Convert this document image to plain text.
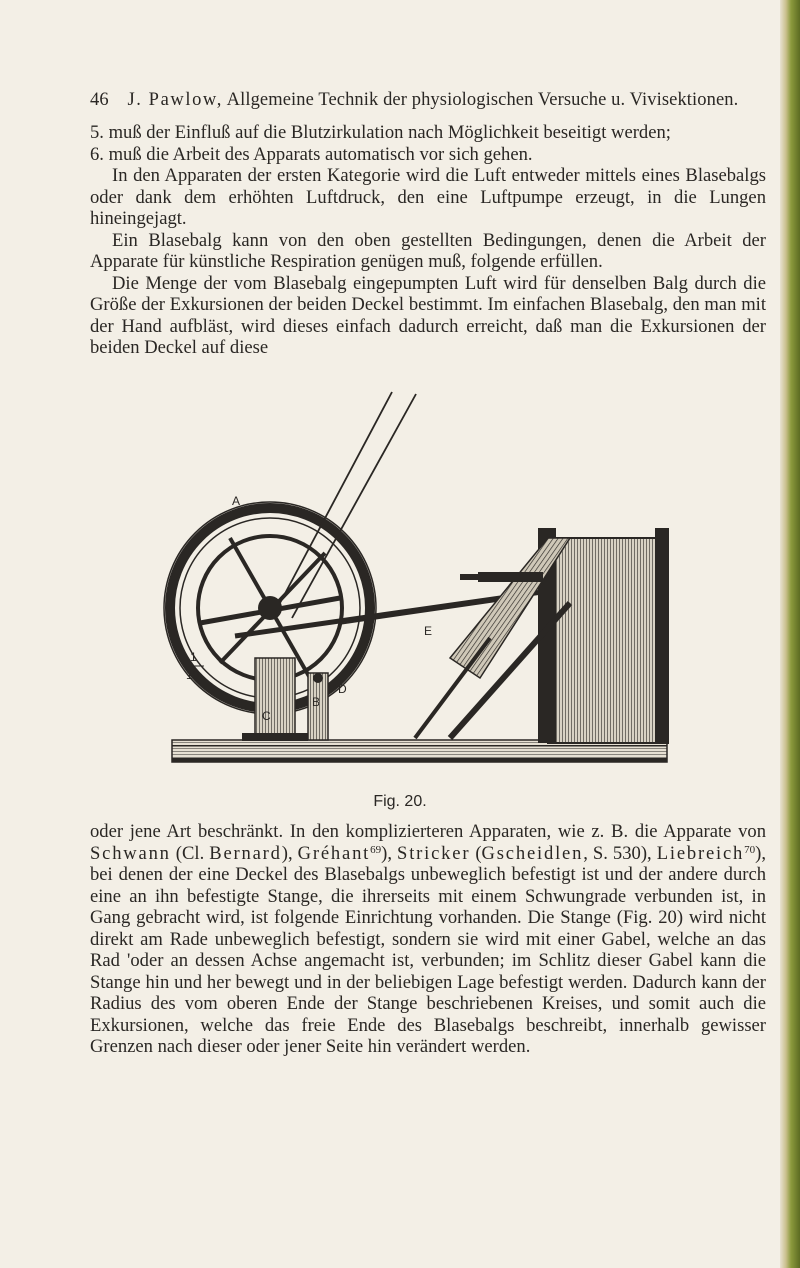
46 J. Pawlow, Allgemeine Technik der physiologischen Versuche u. Vivisektionen.

5. muß der Einfluß auf die Blutzirkulation nach Möglichkeit beseitigt werden;

6. muß die Arbeit des Apparats automatisch vor sich gehen.

In den Apparaten der ersten Kategorie wird die Luft entweder mittels eines Blasebalgs oder dank dem erhöhten Luftdruck, den eine Luftpumpe erzeugt, in die Lungen hineingejagt.

Ein Blasebalg kann von den oben gestellten Bedingungen, denen die Arbeit der Apparate für künstliche Respiration genügen muß, folgende erfüllen.

Die Menge der vom Blasebalg eingepumpten Luft wird für denselben Balg durch die Größe der Exkursionen der beiden Deckel bestimmt. Im einfachen Blasebalg, den man mit der Hand aufbläst, wird dieses einfach dadurch erreicht, daß man die Exkursionen der beiden Deckel auf diese

A
I	E
D
C
B
1
10
Fig. 20.

oder jene Art beschränkt. In den komplizierteren Apparaten, wie z. B. die Apparate von Schwann (Cl. Bernard), Gréhant$^{69}$), Stricker (Gscheidlen, S. 530), Liebreich$^{70}$), bei denen der eine Deckel des Blasebalgs unbeweglich befestigt ist und der andere durch eine an ihn befestigte Stange, die ihrerseits mit einem Schwungrade verbunden ist, in Gang gebracht wird, ist folgende Einrichtung vorhanden. Die Stange (Fig. 20) wird nicht direkt am Rade unbeweglich befestigt, sondern sie wird mit einer Gabel, welche an das Rad 'oder an dessen Achse angemacht ist, verbunden; im Schlitz dieser Gabel kann die Stange hin und her bewegt und in der beliebigen Lage befestigt werden. Dadurch kann der Radius des vom oberen Ende der Stange beschriebenen Kreises, und somit auch die Exkursionen, welche das freie Ende des Blasebalgs beschreibt, innerhalb gewisser Grenzen nach dieser oder jener Seite hin verändert werden.
